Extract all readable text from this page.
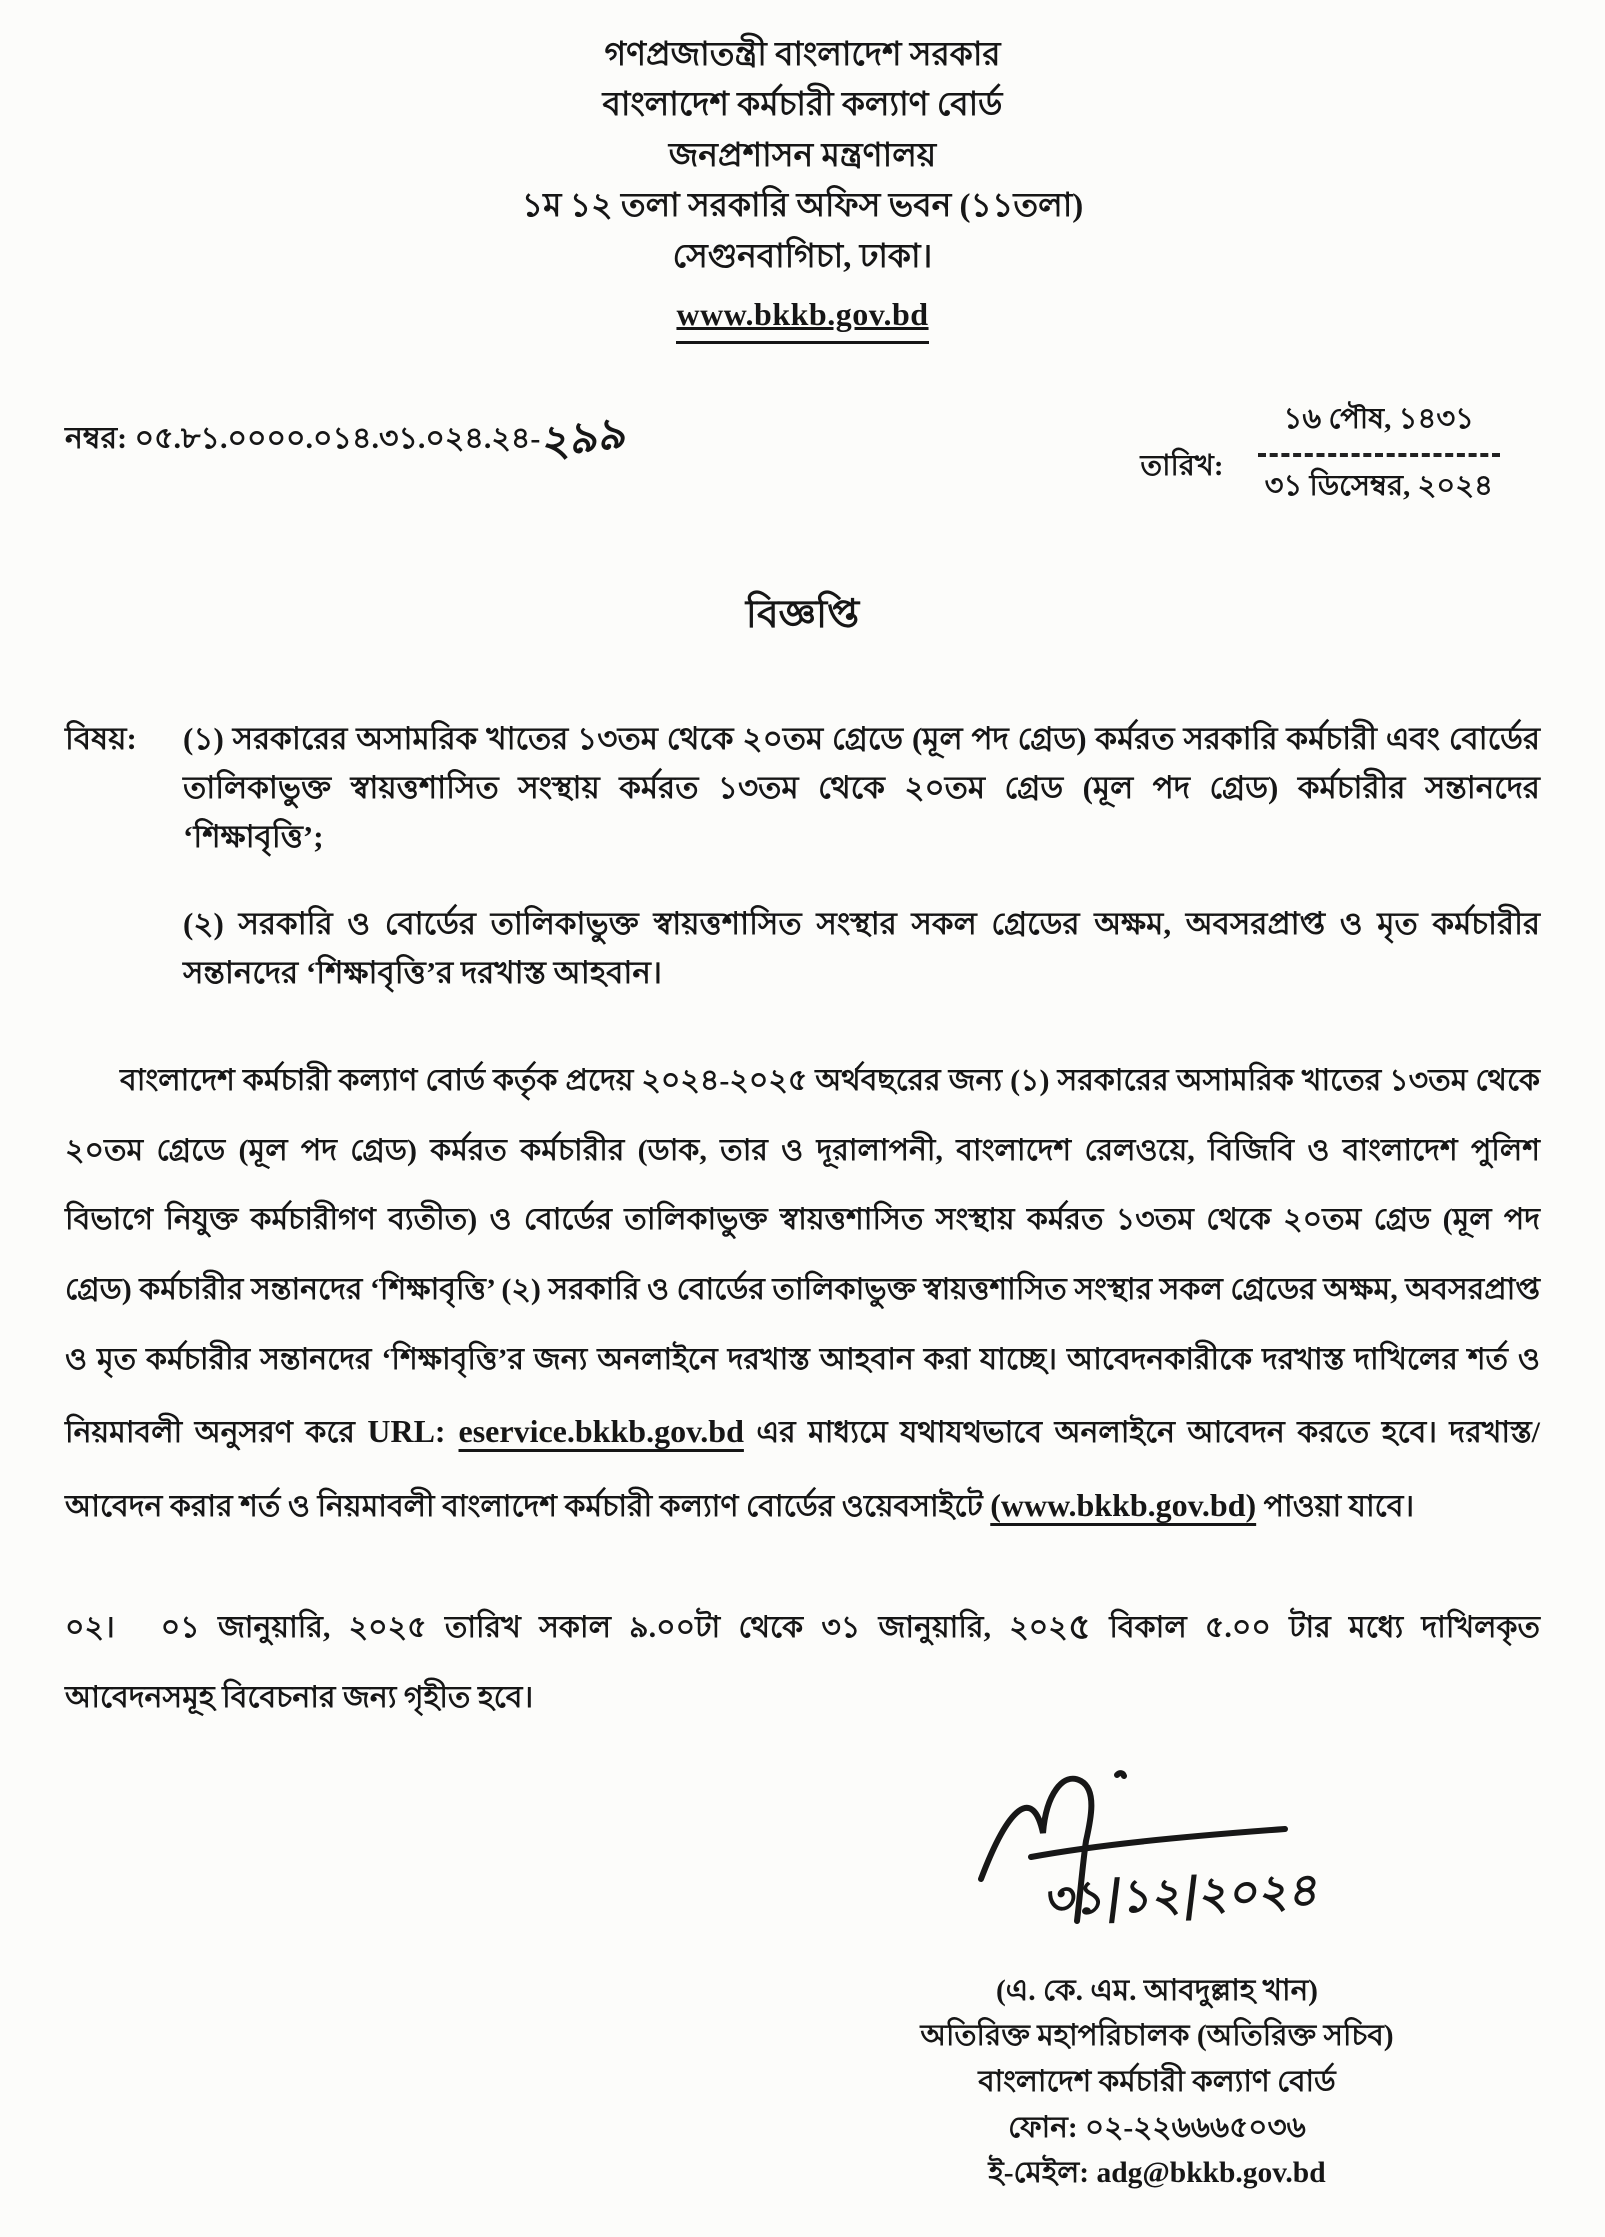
গণপ্রজাতন্ত্রী বাংলাদেশ সরকার
বাংলাদেশ কর্মচারী কল্যাণ বোর্ড
জনপ্রশাসন মন্ত্রণালয়
১ম ১২ তলা সরকারি অফিস ভবন (১১তলা)
সেগুনবাগিচা, ঢাকা।
www.bkkb.gov.bd
নম্বর: ০৫.৮১.০০০০.০১৪.৩১.০২৪.২৪-২৯৯	তারিখ:
১৬ পৌষ, ১৪৩১
৩১ ডিসেম্বর, ২০২৪
বিজ্ঞপ্তি
বিষয়:	(১) সরকারের অসামরিক খাতের ১৩তম থেকে ২০তম গ্রেডে (মূল পদ গ্রেড) কর্মরত সরকারি কর্মচারী এবং বোর্ডের তালিকাভুক্ত স্বায়ত্তশাসিত সংস্থায় কর্মরত ১৩তম থেকে ২০তম গ্রেড (মূল পদ গ্রেড) কর্মচারীর সন্তানদের ‘শিক্ষাবৃত্তি’;
(২) সরকারি ও বোর্ডের তালিকাভুক্ত স্বায়ত্তশাসিত সংস্থার সকল গ্রেডের অক্ষম, অবসরপ্রাপ্ত ও মৃত কর্মচারীর সন্তানদের ‘শিক্ষাবৃত্তি’র দরখাস্ত আহবান।

বাংলাদেশ কর্মচারী কল্যাণ বোর্ড কর্তৃক প্রদেয় ২০২৪-২০২৫ অর্থবছরের জন্য (১) সরকারের অসামরিক খাতের ১৩তম থেকে ২০তম গ্রেডে (মূল পদ গ্রেড) কর্মরত কর্মচারীর (ডাক, তার ও দূরালাপনী, বাংলাদেশ রেলওয়ে, বিজিবি ও বাংলাদেশ পুলিশ বিভাগে নিযুক্ত কর্মচারীগণ ব্যতীত) ও বোর্ডের তালিকাভুক্ত স্বায়ত্তশাসিত সংস্থায় কর্মরত ১৩তম থেকে ২০তম গ্রেড (মূল পদ গ্রেড) কর্মচারীর সন্তানদের ‘শিক্ষাবৃত্তি’ (২) সরকারি ও বোর্ডের তালিকাভুক্ত স্বায়ত্তশাসিত সংস্থার সকল গ্রেডের অক্ষম, অবসরপ্রাপ্ত ও মৃত কর্মচারীর সন্তানদের ‘শিক্ষাবৃত্তি’র জন্য অনলাইনে দরখাস্ত আহবান করা যাচ্ছে। আবেদনকারীকে দরখাস্ত দাখিলের শর্ত ও নিয়মাবলী অনুসরণ করে URL: eservice.bkkb.gov.bd এর মাধ্যমে যথাযথভাবে অনলাইনে আবেদন করতে হবে। দরখাস্ত/আবেদন করার শর্ত ও নিয়মাবলী বাংলাদেশ কর্মচারী কল্যাণ বোর্ডের ওয়েবসাইটে (www.bkkb.gov.bd) পাওয়া যাবে।

০২। ০১ জানুয়ারি, ২০২৫ তারিখ সকাল ৯.০০টা থেকে ৩১ জানুয়ারি, ২০২৫ বিকাল ৫.০০ টার মধ্যে দাখিলকৃত আবেদনসমূহ বিবেচনার জন্য গৃহীত হবে।

৩১|১২|২০২৪
(এ. কে. এম. আবদুল্লাহ খান)
অতিরিক্ত মহাপরিচালক (অতিরিক্ত সচিব)
বাংলাদেশ কর্মচারী কল্যাণ বোর্ড
ফোন: ০২-২২৬৬৬৫০৩৬
ই-মেইল: adg@bkkb.gov.bd
